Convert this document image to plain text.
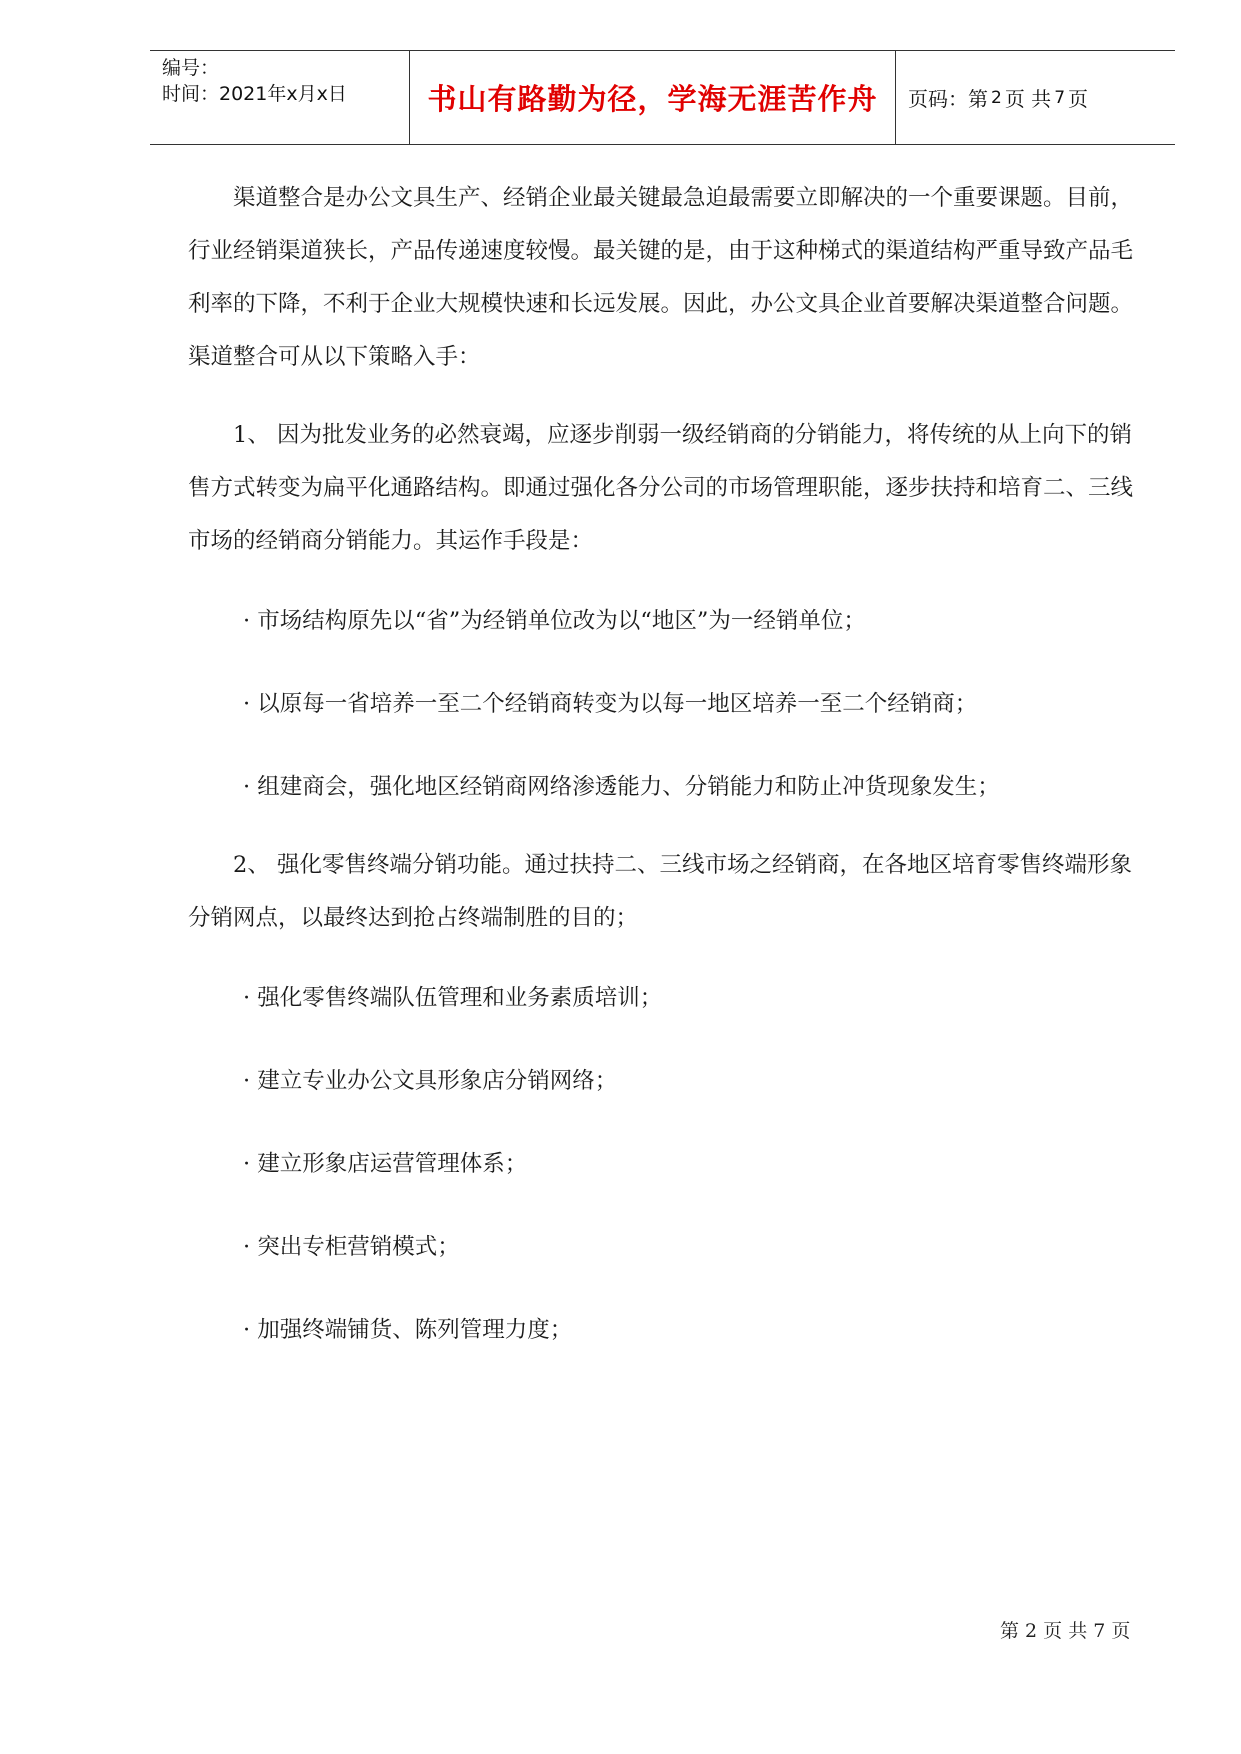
编号：
时间：2021年x月x日	书山有路勤为径，学海无涯苦作舟 页码：第 2 页 共 7 页

渠道整合是办公文具生产、经销企业最关键最急迫最需要立即解决的一个重要课题。目前，行业经销渠道狭长，产品传递速度较慢。最关键的是，由于这种梯式的渠道结构严重导致产品毛利率的下降，不利于企业大规模快速和长远发展。因此，办公文具企业首要解决渠道整合问题。渠道整合可从以下策略入手：

1、 因为批发业务的必然衰竭，应逐步削弱一级经销商的分销能力，将传统的从上向下的销售方式转变为扁平化通路结构。即通过强化各分公司的市场管理职能，逐步扶持和培育二、三线市场的经销商分销能力。其运作手段是：

· 市场结构原先以“省”为经销单位改为以“地区”为一经销单位；

· 以原每一省培养一至二个经销商转变为以每一地区培养一至二个经销商；

· 组建商会，强化地区经销商网络渗透能力、分销能力和防止冲货现象发生；

2、 强化零售终端分销功能。通过扶持二、三线市场之经销商，在各地区培育零售终端形象分销网点，以最终达到抢占终端制胜的目的；

· 强化零售终端队伍管理和业务素质培训；

· 建立专业办公文具形象店分销网络；

· 建立形象店运营管理体系；

· 突出专柜营销模式；

· 加强终端铺货、陈列管理力度；

第 2 页 共 7 页
